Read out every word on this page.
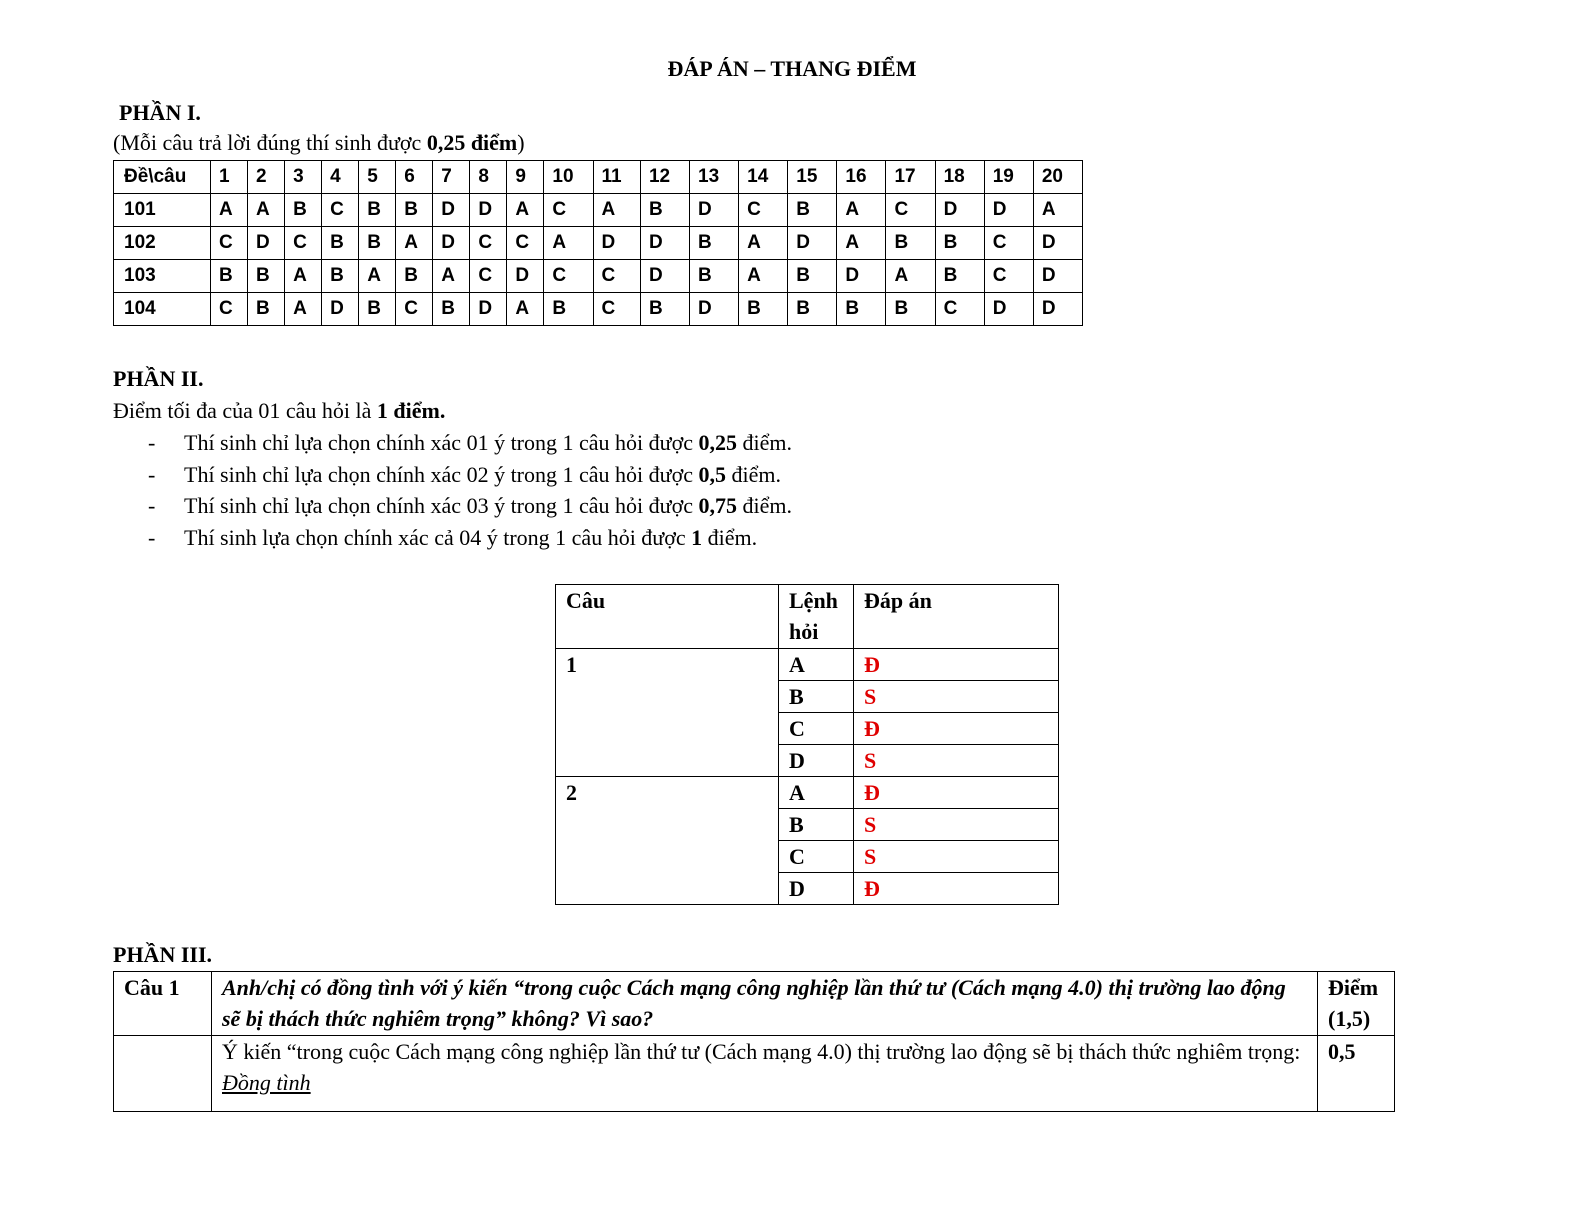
ĐÁP ÁN – THANG ĐIỂM
PHẦN I.
(Mỗi câu trả lời đúng thí sinh được 0,25 điểm)
Đề\câu	1	2	3	4	5	6	7	8	9	10	11	12	13	14	15	16	17	18	19	20
101	A	A	B	C	B	B	D	D	A	C	A	B	D	C	B	A	C	D	D	A
102	C	D	C	B	B	A	D	C	C	A	D	D	B	A	D	A	B	B	C	D
103	B	B	A	B	A	B	A	C	D	C	C	D	B	A	B	D	A	B	C	D
104	C	B	A	D	B	C	B	D	A	B	C	B	D	B	B	B	B	C	D	D
PHẦN II.
Điểm tối đa của 01 câu hỏi là 1 điểm.
-	Thí sinh chỉ lựa chọn chính xác 01 ý trong 1 câu hỏi được 0,25 điểm.
-	Thí sinh chỉ lựa chọn chính xác 02 ý trong 1 câu hỏi được 0,5 điểm.
-	Thí sinh chỉ lựa chọn chính xác 03 ý trong 1 câu hỏi được 0,75 điểm.
-	Thí sinh lựa chọn chính xác cả 04 ý trong 1 câu hỏi được 1 điểm.
Câu	Lệnh hỏi	Đáp án
1	A	Đ
	B	S
	C	Đ
	D	S
2	A	Đ
	B	S
	C	S
	D	Đ
PHẦN III.
Câu 1	Anh/chị có đồng tình với ý kiến “trong cuộc Cách mạng công nghiệp lần thứ tư (Cách mạng 4.0) thị trường lao động sẽ bị thách thức nghiêm trọng” không? Vì sao?	Điểm (1,5)
	Ý kiến “trong cuộc Cách mạng công nghiệp lần thứ tư (Cách mạng 4.0) thị trường lao động sẽ bị thách thức nghiêm trọng: Đồng tình	0,5
